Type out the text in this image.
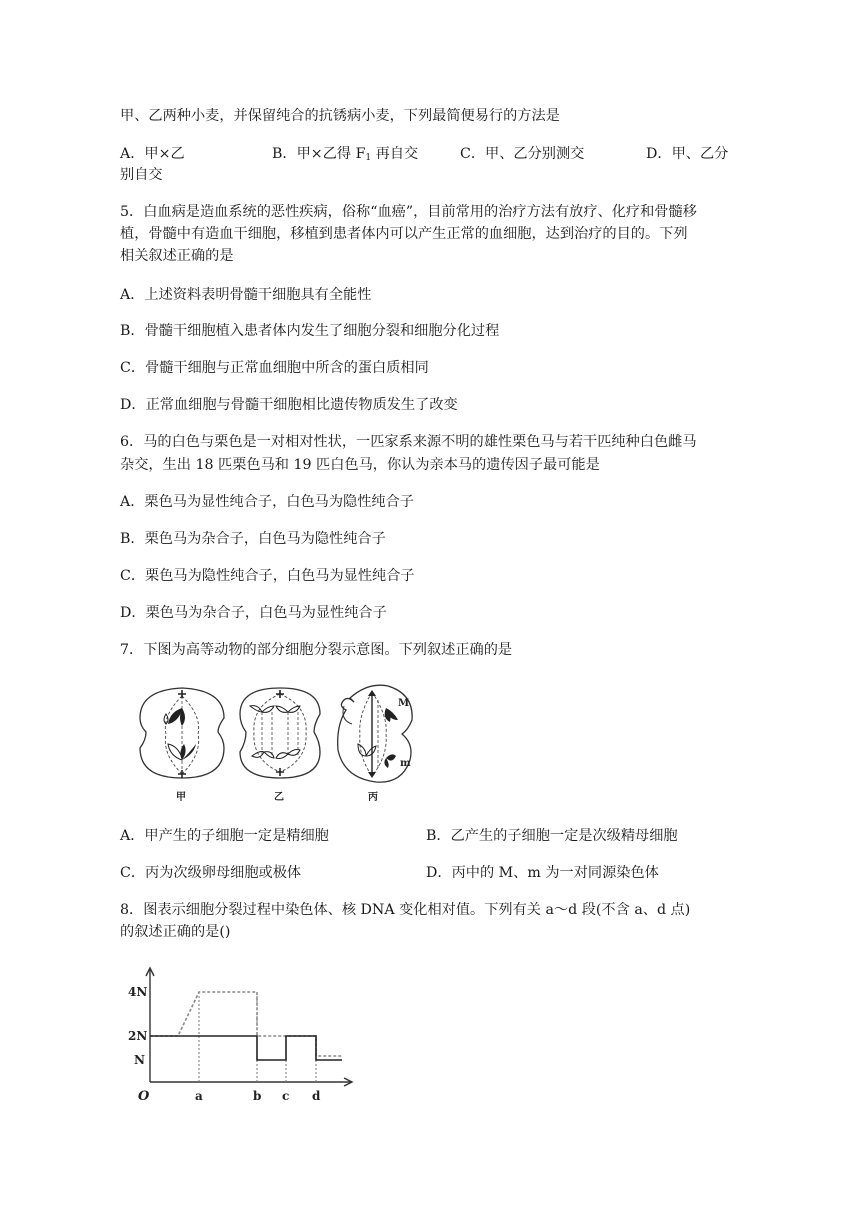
甲、乙两种小麦，并保留纯合的抗锈病小麦，下列最简便易行的方法是
A．甲×乙	B．甲×乙得 $F_1$ 再自交	C．甲、乙分别测交	D．甲、乙分
别自交
5．白血病是造血系统的恶性疾病，俗称“血癌”，目前常用的治疗方法有放疗、化疗和骨髓移
植，骨髓中有造血干细胞，移植到患者体内可以产生正常的血细胞，达到治疗的目的。下列
相关叙述正确的是
A．上述资料表明骨髓干细胞具有全能性
B．骨髓干细胞植入患者体内发生了细胞分裂和细胞分化过程
C．骨髓干细胞与正常血细胞中所含的蛋白质相同
D．正常血细胞与骨髓干细胞相比遗传物质发生了改变
6．马的白色与栗色是一对相对性状，一匹家系来源不明的雄性栗色马与若干匹纯种白色雌马
杂交，生出 18 匹栗色马和 19 匹白色马，你认为亲本马的遗传因子最可能是
A．栗色马为显性纯合子，白色马为隐性纯合子
B．栗色马为杂合子，白色马为隐性纯合子
C．栗色马为隐性纯合子，白色马为显性纯合子
D．栗色马为杂合子，白色马为显性纯合子
7．下图为高等动物的部分细胞分裂示意图。下列叙述正确的是
M
m
甲	乙	丙
A．甲产生的子细胞一定是精细胞	B．乙产生的子细胞一定是次级精母细胞
C．丙为次级卵母细胞或极体	D．丙中的 M、m 为一对同源染色体
8．图表示细胞分裂过程中染色体、核 DNA 变化相对值。下列有关 a～d 段(不含 a、d 点)
的叙述正确的是()
4N
2N
N
O	a	b c d
